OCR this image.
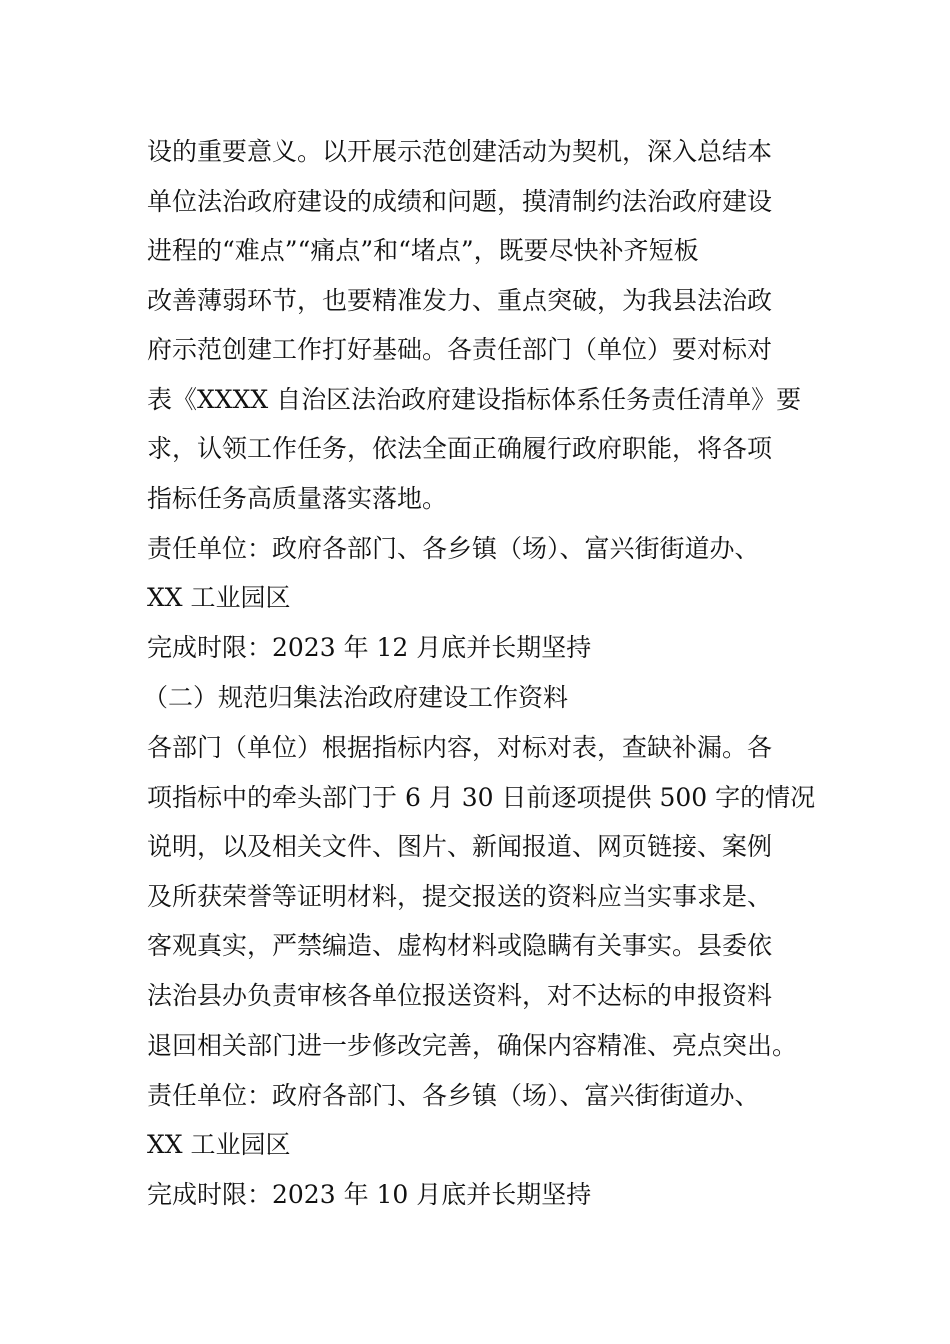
设的重要意义。以开展示范创建活动为契机，深入总结本
单位法治政府建设的成绩和问题，摸清制约法治政府建设
进程的“难点”“痛点”和“堵点”，既要尽快补齐短板
改善薄弱环节，也要精准发力、重点突破，为我县法治政
府示范创建工作打好基础。各责任部门（单位）要对标对
表《XXXX 自治区法治政府建设指标体系任务责任清单》要
求，认领工作任务，依法全面正确履行政府职能，将各项
指标任务高质量落实落地。
责任单位：政府各部门、各乡镇（场）、富兴街街道办、
XX 工业园区
完成时限：2023 年 12 月底并长期坚持
（二）规范归集法治政府建设工作资料
各部门（单位）根据指标内容，对标对表，查缺补漏。各
项指标中的牵头部门于 6 月 30 日前逐项提供 500 字的情况
说明，以及相关文件、图片、新闻报道、网页链接、案例
及所获荣誉等证明材料，提交报送的资料应当实事求是、
客观真实，严禁编造、虚构材料或隐瞒有关事实。县委依
法治县办负责审核各单位报送资料，对不达标的申报资料
退回相关部门进一步修改完善，确保内容精准、亮点突出。
责任单位：政府各部门、各乡镇（场）、富兴街街道办、
XX 工业园区
完成时限：2023 年 10 月底并长期坚持
